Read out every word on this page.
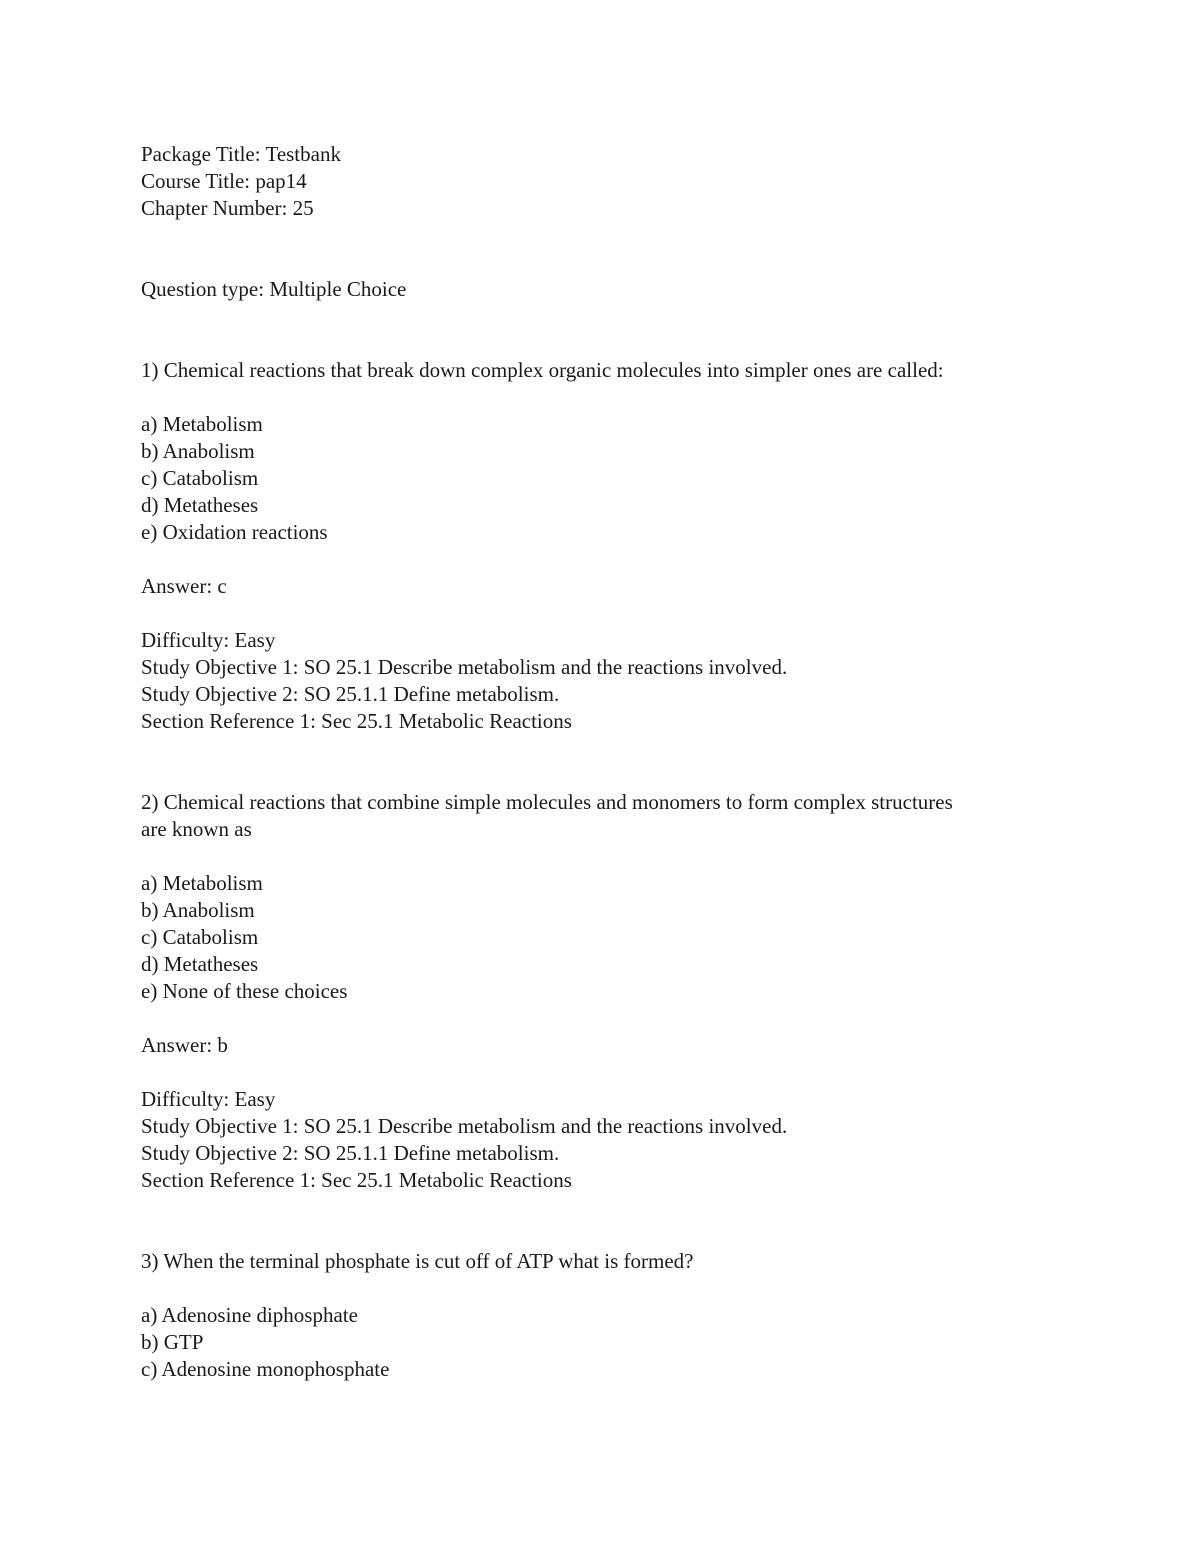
Package Title: Testbank
Course Title: pap14
Chapter Number: 25
Question type: Multiple Choice
1) Chemical reactions that break down complex organic molecules into simpler ones are called:
a) Metabolism
b) Anabolism
c) Catabolism
d) Metatheses
e) Oxidation reactions
Answer: c
Difficulty: Easy
Study Objective 1: SO 25.1 Describe metabolism and the reactions involved.
Study Objective 2: SO 25.1.1 Define metabolism.
Section Reference 1: Sec 25.1 Metabolic Reactions
2) Chemical reactions that combine simple molecules and monomers to form complex structures
are known as
a) Metabolism
b) Anabolism
c) Catabolism
d) Metatheses
e) None of these choices
Answer: b
Difficulty: Easy
Study Objective 1: SO 25.1 Describe metabolism and the reactions involved.
Study Objective 2: SO 25.1.1 Define metabolism.
Section Reference 1: Sec 25.1 Metabolic Reactions
3) When the terminal phosphate is cut off of ATP what is formed?
a) Adenosine diphosphate
b) GTP
c) Adenosine monophosphate
